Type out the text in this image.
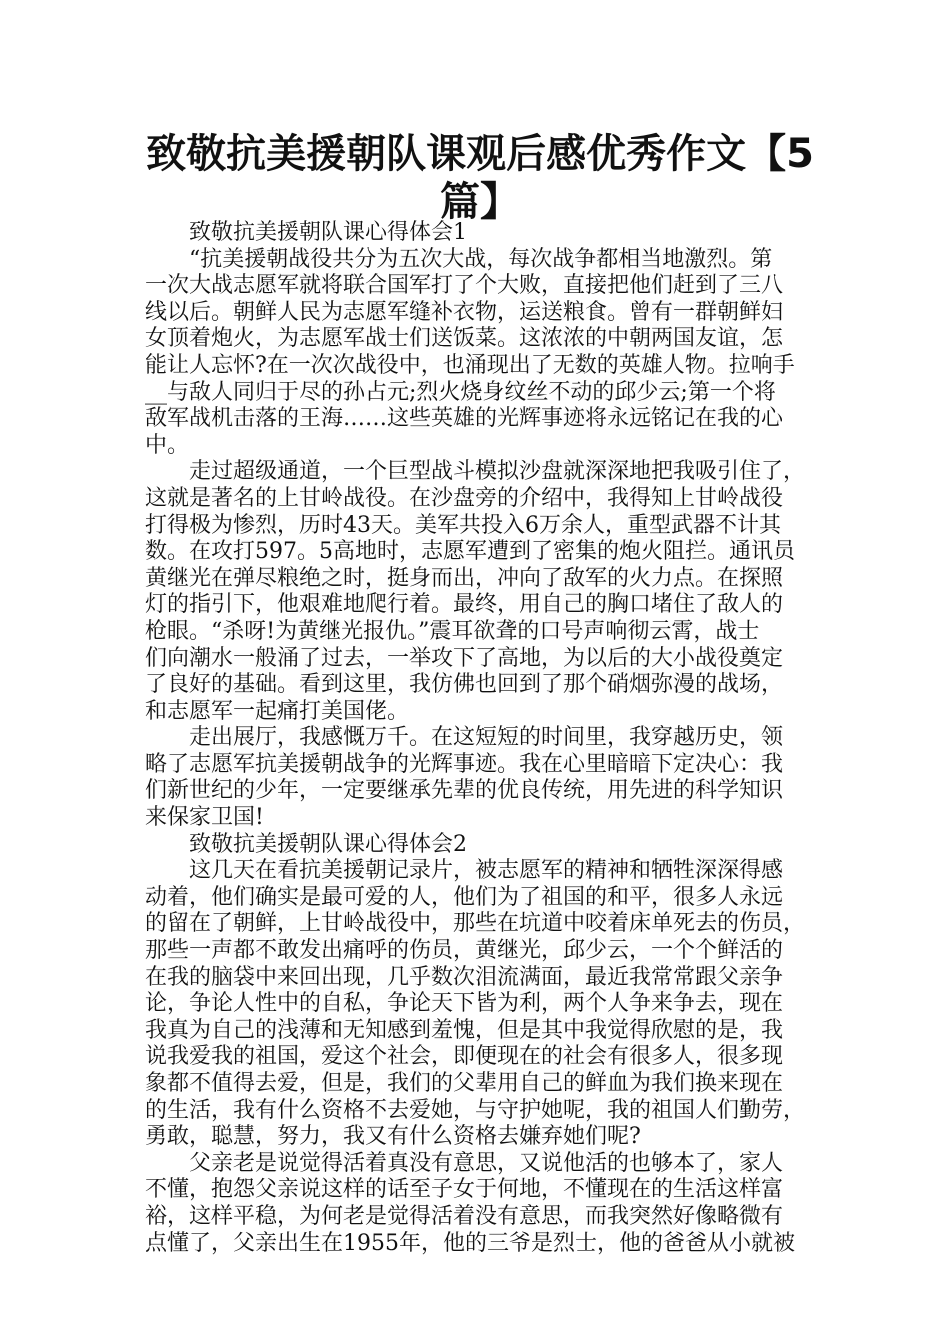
致敬抗美援朝队课观后感优秀作文【5
篇】
致敬抗美援朝队课心得体会1
“抗美援朝战役共分为五次大战，每次战争都相当地激烈。第
一次大战志愿军就将联合国军打了个大败，直接把他们赶到了三八
线以后。朝鲜人民为志愿军缝补衣物，运送粮食。曾有一群朝鲜妇
女顶着炮火，为志愿军战士们送饭菜。这浓浓的中朝两国友谊，怎
能让人忘怀?在一次次战役中，也涌现出了无数的英雄人物。拉响手
__与敌人同归于尽的孙占元;烈火烧身纹丝不动的邱少云;第一个将
敌军战机击落的王海……这些英雄的光辉事迹将永远铭记在我的心
中。
走过超级通道，一个巨型战斗模拟沙盘就深深地把我吸引住了，
这就是著名的上甘岭战役。在沙盘旁的介绍中，我得知上甘岭战役
打得极为惨烈，历时43天。美军共投入6万余人，重型武器不计其
数。在攻打597。5高地时，志愿军遭到了密集的炮火阻拦。通讯员
黄继光在弹尽粮绝之时，挺身而出，冲向了敌军的火力点。在探照
灯的指引下，他艰难地爬行着。最终，用自己的胸口堵住了敌人的
枪眼。“杀呀!为黄继光报仇。”震耳欲聋的口号声响彻云霄，战士
们向潮水一般涌了过去，一举攻下了高地，为以后的大小战役奠定
了良好的基础。看到这里，我仿佛也回到了那个硝烟弥漫的战场，
和志愿军一起痛打美国佬。
走出展厅，我感慨万千。在这短短的时间里，我穿越历史，领
略了志愿军抗美援朝战争的光辉事迹。我在心里暗暗下定决心：我
们新世纪的少年，一定要继承先辈的优良传统，用先进的科学知识
来保家卫国!
致敬抗美援朝队课心得体会2
这几天在看抗美援朝记录片，被志愿军的精神和牺牲深深得感
动着，他们确实是最可爱的人，他们为了祖国的和平，很多人永远
的留在了朝鲜，上甘岭战役中，那些在坑道中咬着床单死去的伤员，
那些一声都不敢发出痛呼的伤员，黄继光，邱少云，一个个鲜活的
在我的脑袋中来回出现，几乎数次泪流满面，最近我常常跟父亲争
论，争论人性中的自私，争论天下皆为利，两个人争来争去，现在
我真为自己的浅薄和无知感到羞愧，但是其中我觉得欣慰的是，我
说我爱我的祖国，爱这个社会，即便现在的社会有很多人，很多现
象都不值得去爱，但是，我们的父辈用自己的鲜血为我们换来现在
的生活，我有什么资格不去爱她，与守护她呢，我的祖国人们勤劳，
勇敢，聪慧，努力，我又有什么资格去嫌弃她们呢?
父亲老是说觉得活着真没有意思，又说他活的也够本了，家人
不懂，抱怨父亲说这样的话至子女于何地，不懂现在的生活这样富
裕，这样平稳，为何老是觉得活着没有意思，而我突然好像略微有
点懂了，父亲出生在1955年，他的三爷是烈士，他的爸爸从小就被
